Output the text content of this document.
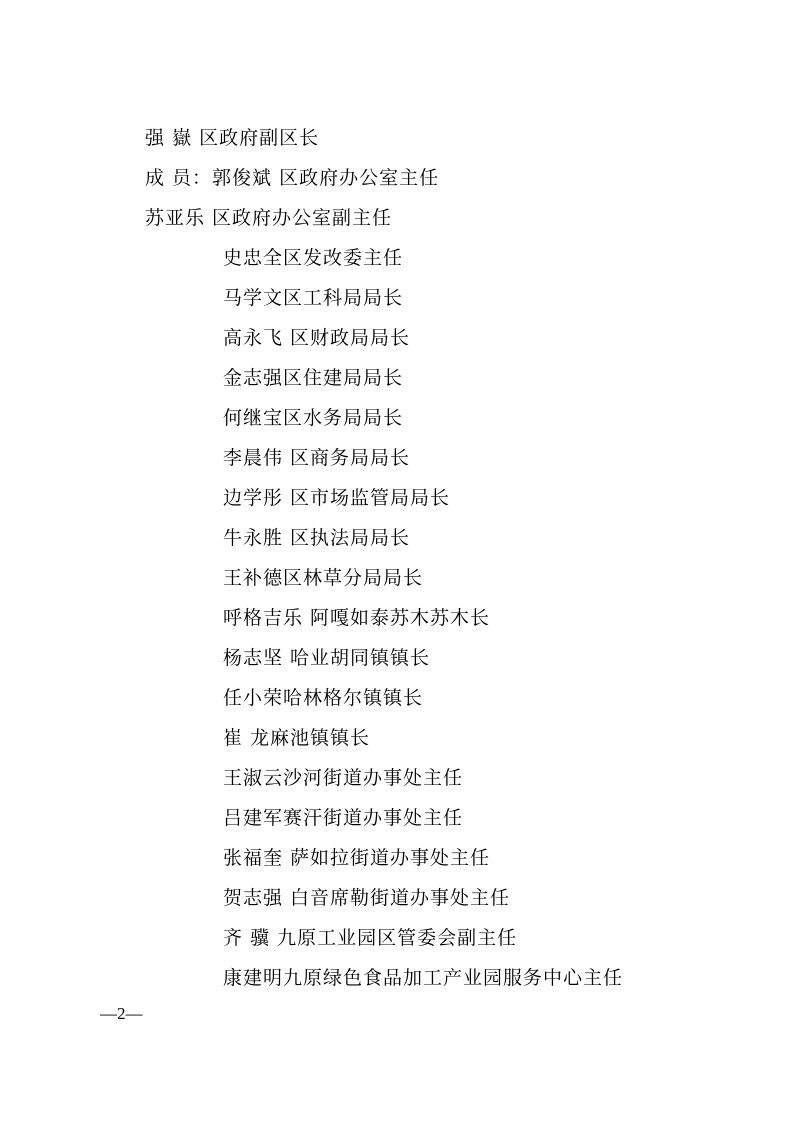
强 嶽 区政府副区长
成 员：郭俊斌 区政府办公室主任
苏亚乐 区政府办公室副主任
史忠全区发改委主任
马学文区工科局局长
高永飞 区财政局局长
金志强区住建局局长
何继宝区水务局局长
李晨伟 区商务局局长
边学彤 区市场监管局局长
牛永胜 区执法局局长
王补德区林草分局局长
呼格吉乐 阿嘎如泰苏木苏木长
杨志坚 哈业胡同镇镇长
任小荣哈林格尔镇镇长
崔 龙麻池镇镇长
王淑云沙河街道办事处主任
吕建军赛汗街道办事处主任
张福奎 萨如拉街道办事处主任
贺志强 白音席勒街道办事处主任
齐 骥 九原工业园区管委会副主任
康建明九原绿色食品加工产业园服务中心主任
—2—
